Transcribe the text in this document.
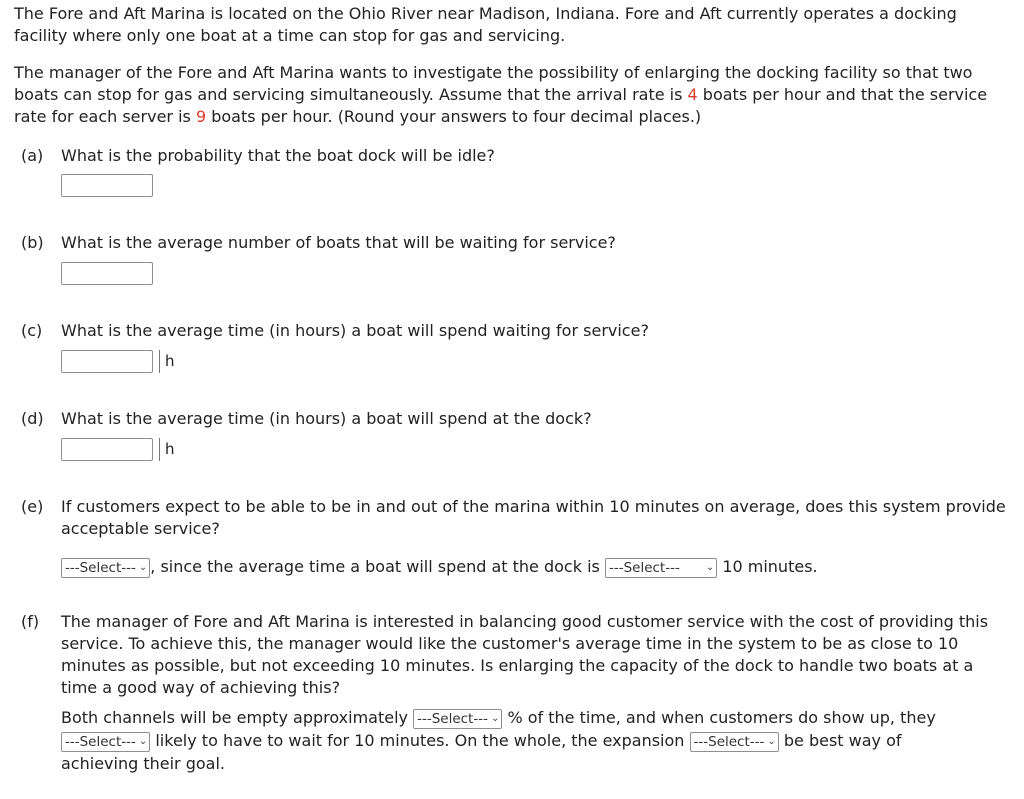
The Fore and Aft Marina is located on the Ohio River near Madison, Indiana. Fore and Aft currently operates a docking facility where only one boat at a time can stop for gas and servicing.

The manager of the Fore and Aft Marina wants to investigate the possibility of enlarging the docking facility so that two boats can stop for gas and servicing simultaneously. Assume that the arrival rate is 4 boats per hour and that the service rate for each server is 9 boats per hour. (Round your answers to four decimal places.)

(a)	What is the probability that the boat dock will be idle?
(b)	What is the average number of boats that will be waiting for service?
(c)	What is the average time (in hours) a boat will spend waiting for service?
h
(d)	What is the average time (in hours) a boat will spend at the dock?
h
(e)	If customers expect to be able to be in and out of the marina within 10 minutes on average, does this system provide acceptable service?
---Select--- ⌄ , since the average time a boat will spend at the dock is ---Select---	⌄ 10 minutes.
(f)	The manager of Fore and Aft Marina is interested in balancing good customer service with the cost of providing this service. To achieve this, the manager would like the customer's average time in the system to be as close to 10 minutes as possible, but not exceeding 10 minutes. Is enlarging the capacity of the dock to handle two boats at a time a good way of achieving this?
Both channels will be empty approximately ---Select--- ⌄ % of the time, and when customers do show up, they
---Select--- ⌄ likely to have to wait for 10 minutes. On the whole, the expansion ---Select--- ⌄ be best way of
achieving their goal.
